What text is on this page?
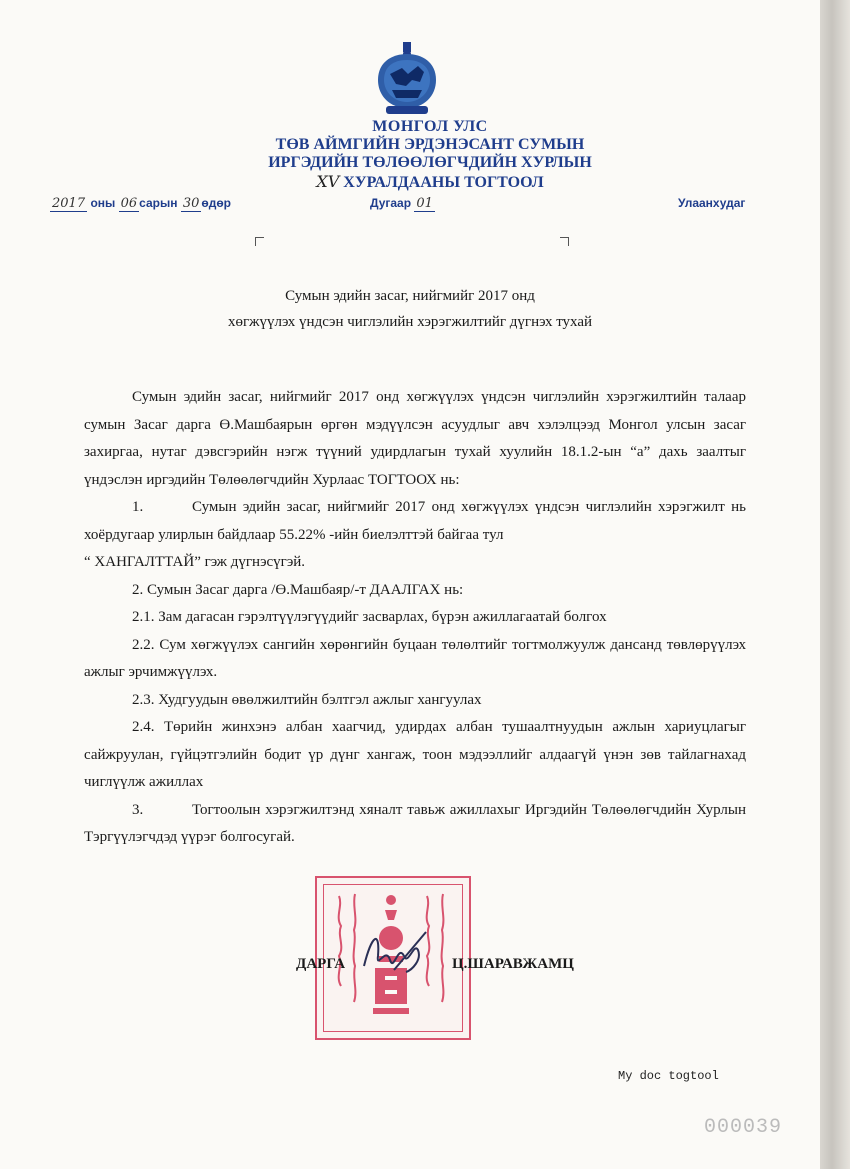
МОНГОЛ УЛС
ТӨВ АЙМГИЙН ЭРДЭНЭСАНТ СУМЫН
ИРГЭДИЙН ТӨЛӨӨЛӨГЧДИЙН ХУРЛЫН
XV ХУРАЛДААНЫ ТОГТООЛ
2017 оны 06 сарын 30 өдөр	Дугаар 01	Улаанхудаг
Сумын эдийн засаг, нийгмийг 2017 онд
хөгжүүлэх үндсэн чиглэлийн хэрэгжилтийг дүгнэх тухай

Сумын эдийн засаг, нийгмийг 2017 онд хөгжүүлэх үндсэн чиглэлийн хэрэгжилтийн талаар сумын Засаг дарга Ө.Машбаярын өргөн мэдүүлсэн асуудлыг авч хэлэлцээд Монгол улсын засаг захиргаа, нутаг дэвсгэрийн нэгж түүний удирдлагын тухай хуулийн 18.1.2-ын “а” дахь заалтыг үндэслэн иргэдийн Төлөөлөгчдийн Хурлаас ТОГТООХ нь:

1.	Сумын эдийн засаг, нийгмийг 2017 онд хөгжүүлэх үндсэн чиглэлийн хэрэгжилт нь хоёрдугаар улирлын байдлаар 55.22% -ийн биелэлттэй байгаа тул

“ ХАНГАЛТТАЙ” гэж дүгнэсүгэй.

2. Сумын Засаг дарга /Ө.Машбаяр/-т ДААЛГАХ нь:

2.1. Зам дагасан гэрэлтүүлэгүүдийг засварлах, бүрэн ажиллагаатай болгох

2.2. Сум хөгжүүлэх сангийн хөрөнгийн буцаан төлөлтийг тогтмолжуулж дансанд төвлөрүүлэх ажлыг эрчимжүүлэх.

2.3. Худгуудын өвөлжилтийн бэлтгэл ажлыг хангуулах

2.4. Төрийн жинхэнэ албан хаагчид, удирдах албан тушаалтнуудын ажлын хариуцлагыг сайжруулан, гүйцэтгэлийн бодит үр дүнг хангаж, тоон мэдээллийг алдаагүй үнэн зөв тайлагнахад чиглүүлж ажиллах

3.	Тогтоолын хэрэгжилтэнд хяналт тавьж ажиллахыг Иргэдийн Төлөөлөгчдийн Хурлын Тэргүүлэгчдэд үүрэг болгосугай.

ДАРГА	Ц.ШАРАВЖАМЦ
My doc togtool
000039
